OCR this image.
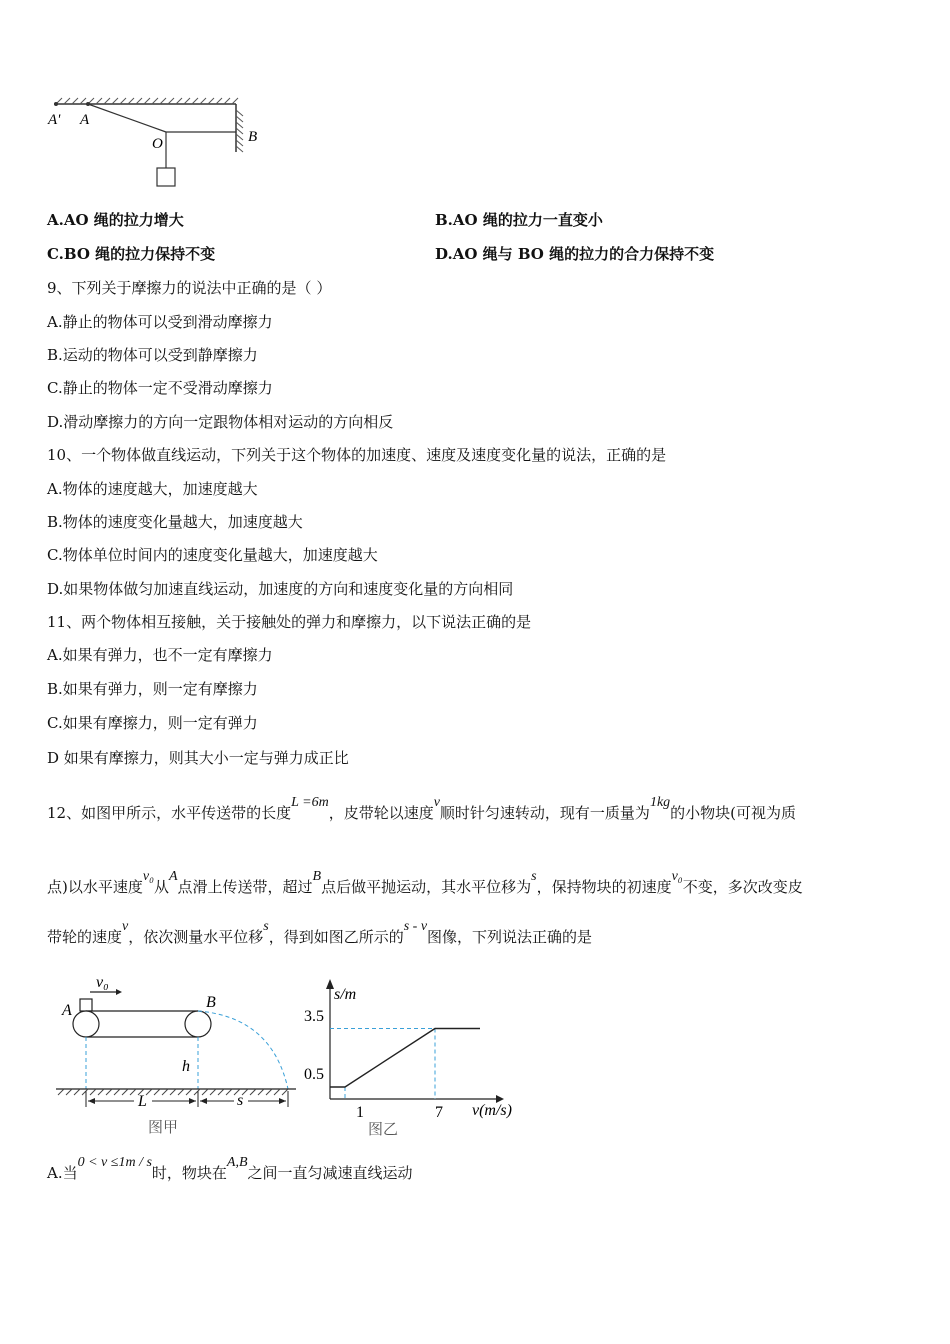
A' A
O	B
A.AO 绳的拉力增大	B.AO 绳的拉力一直变小
C.BO 绳的拉力保持不变	D.AO 绳与 BO 绳的拉力的合力保持不变
9、下列关于摩擦力的说法中正确的是（ ）
A.静止的物体可以受到滑动摩擦力
B.运动的物体可以受到静摩擦力
C.静止的物体一定不受滑动摩擦力
D.滑动摩擦力的方向一定跟物体相对运动的方向相反
10、一个物体做直线运动，下列关于这个物体的加速度、速度及速度变化量的说法，正确的是
A.物体的速度越大，加速度越大
B.物体的速度变化量越大，加速度越大
C.物体单位时间内的速度变化量越大，加速度越大
D.如果物体做匀加速直线运动，加速度的方向和速度变化量的方向相同
11、两个物体相互接触，关于接触处的弹力和摩擦力，以下说法正确的是
A.如果有弹力，也不一定有摩擦力
B.如果有弹力，则一定有摩擦力
C.如果有摩擦力，则一定有弹力
D 如果有摩擦力，则其大小一定与弹力成正比
12、如图甲所示，水平传送带的长度L =6m，皮带轮以速度v顺时针匀速转动，现有一质量为1kg的小物块(可视为质
点)以水平速度v₀从A点滑上传送带，超过B点后做平抛运动，其水平位移为s，保持物块的初速度v₀不变，多次改变皮
带轮的速度v，依次测量水平位移s，得到如图乙所示的s - v图像，下列说法正确的是
v₀
A	B
h
L	s
图甲
s/m
v(m/s)
3.5
0.5
1	7
图乙
A.当0 < v ≤1m / s时，物块在A,B之间一直匀减速直线运动
